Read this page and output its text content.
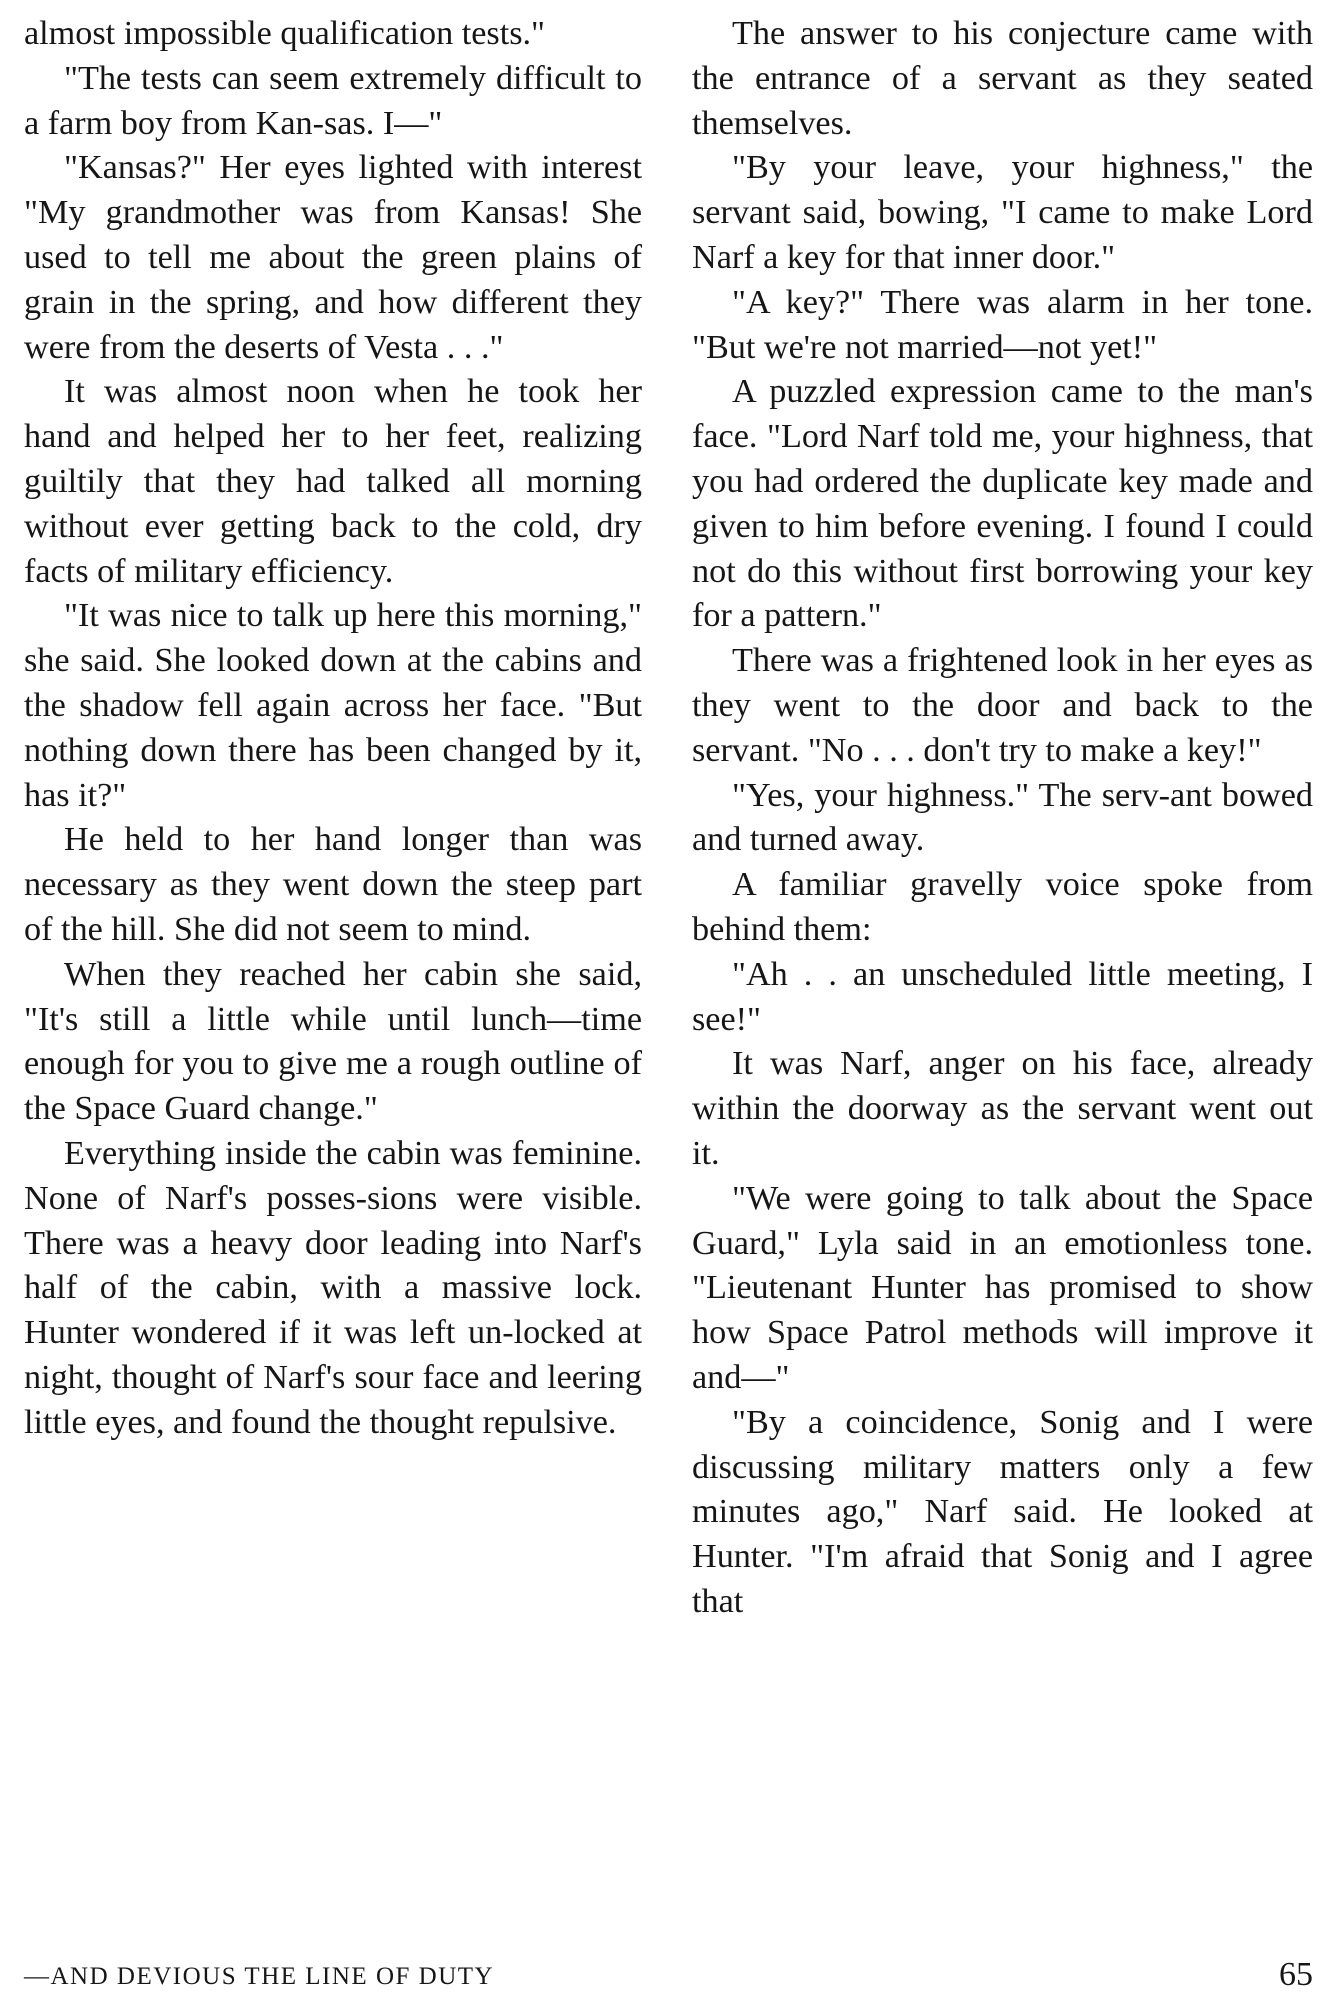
almost impossible qualification tests."

"The tests can seem extremely difficult to a farm boy from Kan-sas. I—"

"Kansas?" Her eyes lighted with interest "My grandmother was from Kansas! She used to tell me about the green plains of grain in the spring, and how different they were from the deserts of Vesta . . ."

It was almost noon when he took her hand and helped her to her feet, realizing guiltily that they had talked all morning without ever getting back to the cold, dry facts of military efficiency.

"It was nice to talk up here this morning," she said. She looked down at the cabins and the shadow fell again across her face. "But nothing down there has been changed by it, has it?"

He held to her hand longer than was necessary as they went down the steep part of the hill. She did not seem to mind.

When they reached her cabin she said, "It's still a little while until lunch—time enough for you to give me a rough outline of the Space Guard change."

Everything inside the cabin was feminine. None of Narf's posses-sions were visible. There was a heavy door leading into Narf's half of the cabin, with a massive lock. Hunter wondered if it was left un-locked at night, thought of Narf's sour face and leering little eyes, and found the thought repulsive.

The answer to his conjecture came with the entrance of a servant as they seated themselves.

"By your leave, your highness," the servant said, bowing, "I came to make Lord Narf a key for that inner door."

"A key?" There was alarm in her tone. "But we're not married—not yet!"

A puzzled expression came to the man's face. "Lord Narf told me, your highness, that you had ordered the duplicate key made and given to him before evening. I found I could not do this without first borrowing your key for a pattern."

There was a frightened look in her eyes as they went to the door and back to the servant. "No . . . don't try to make a key!"

"Yes, your highness." The serv-ant bowed and turned away.

A familiar gravelly voice spoke from behind them:

"Ah . . an unscheduled little meeting, I see!"

It was Narf, anger on his face, already within the doorway as the servant went out it.

"We were going to talk about the Space Guard," Lyla said in an emotionless tone. "Lieutenant Hunter has promised to show how Space Patrol methods will improve it and—"

"By a coincidence, Sonig and I were discussing military matters only a few minutes ago," Narf said. He looked at Hunter. "I'm afraid that Sonig and I agree that

—AND DEVIOUS THE LINE OF DUTY	65
